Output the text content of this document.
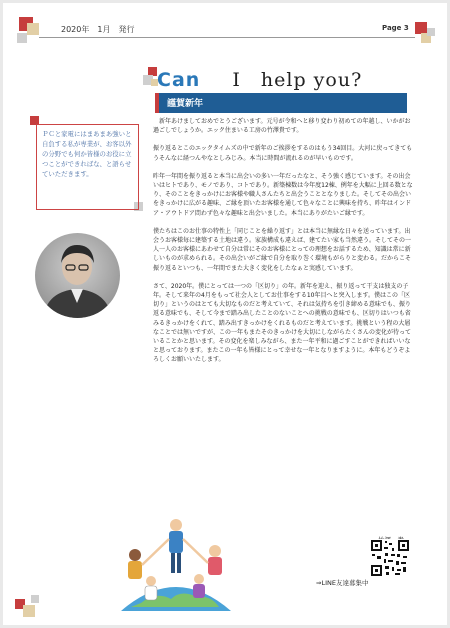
2020年　1月　発行	Page 3
Can I　help you?
謹賀新年
ＰＣと家電にはまあまあ強いと自負する私が専業が、お客以外の分野でも何か皆様のお役に立つことができればな、と語らせていただきます。

　新年あけましておめでとうございます。元号が令和へと移り変わり初めての年越し、いかがお過ごしでしょうか。エック住まいる工房の竹澤貴です。

振り返るとこのエックタイムズの中で新年のご挨拶をするのはもう34回目。大河に戻ってきてもうそんなに経つんやなとしみじみ。本当に時間が流れるのが早いものです。

昨年一年間を振り返ると本当に出会いの多い一年だったなと、そう強く感じています。その出会いはヒトであり、モノであり、コトであり。新築棟数は今年度12棟、例年を大幅に上回る数となり、そのことをきっかけにお客様や職人さんたちと出会うこととなりました。そしてその出会いをきっかけに広がる趣味、ご縁を頂いたお客様を通して色々なことに興味を持ち、昨年はインドア・アウトドア問わず色々な趣味と出会いました。本当にありがたいご縁です。

僕たちはこのお仕事の特性上「同じことを繰り返す」とは本当に無縁な日々を送っています。出会うお客様毎に建築する土地は違う。家族構成も違えば、建てたい家も当然違う。そしてその一人一人のお客様にあわせて自分は常にそのお客様にとっての理想をお話するため、知識は常に新しいものが求められる。その出会いがご縁で自分を取り巻く環境もがらりと変わる。だからこそ振り返るといつも、一年間でまた大きく変化をしたなぁと実感しています。

さて、2020年。僕にとっては一つの「区切り」の年。新年を迎え、振り返って干支は独支の子年。そして来年の4月をもって社会人としてお仕事をする10年目へと突入します。僕はこの「区切り」というのはとても大切なものだと考えていて、それは気持ちを引き締める意味でも、振り返る意味でも、そして今まで踏み出したことのないことへの挑戦の意味でも、区切りはいつも省みるきっかけをくれて、踏み出すきっかけをくれるものだと考えています。挑戦という程の大層なことでは無いですが、この一年もまたそのきっかけを大切にしながらたくさんの変化が待っていることかと思います。その変化を楽しみながら、また一年平和に過ごすことができればいいなと思っております。またこの一年も皆様にとって幸せな一年となりますように。本年もどうぞよろしくお願いいたします。

⇒LINE友達募集中
